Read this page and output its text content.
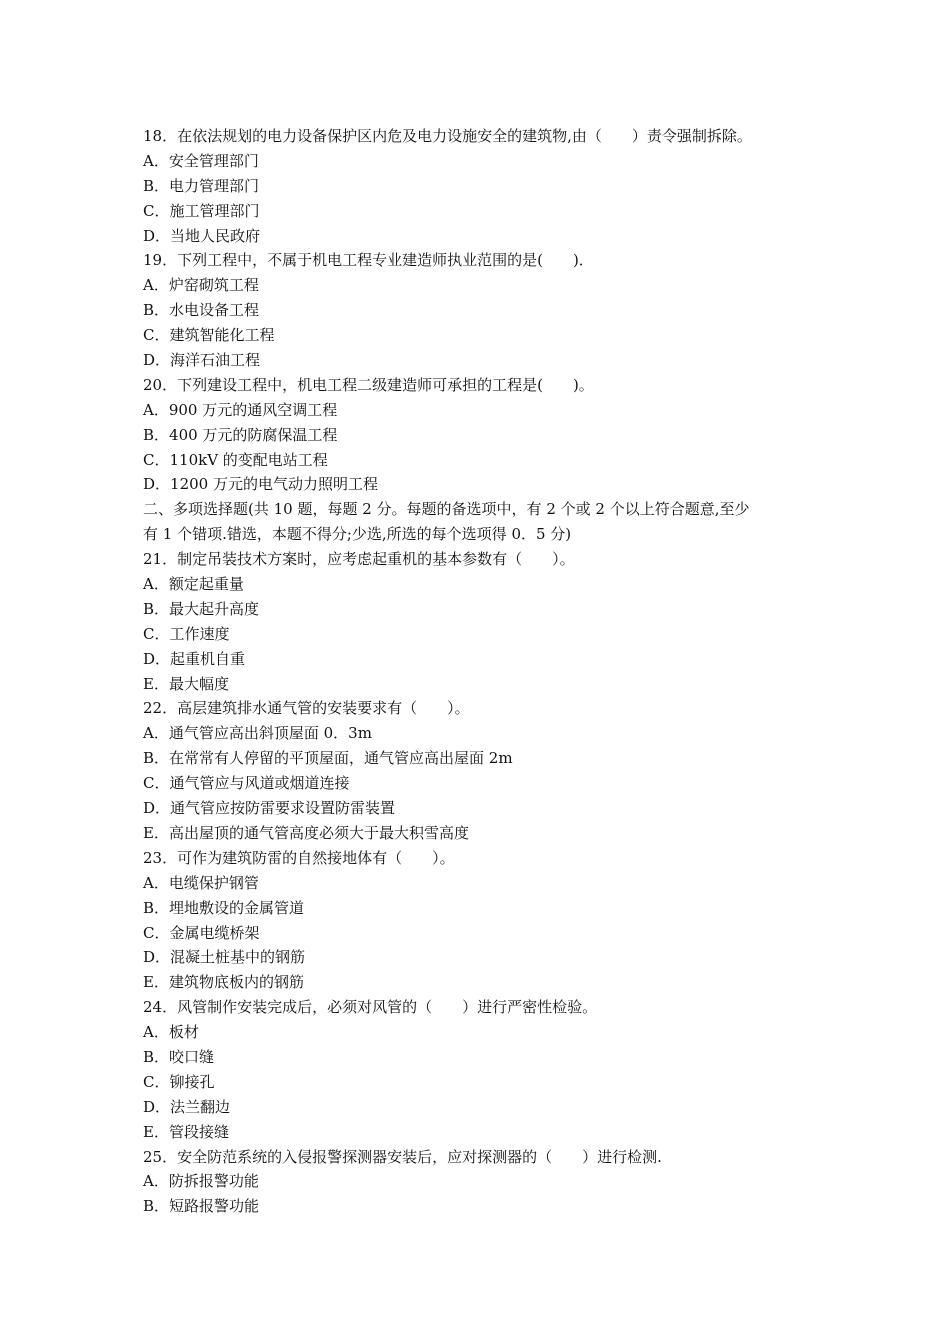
18．在依法规划的电力设备保护区内危及电力设施安全的建筑物,由（　　）责令强制拆除。
A．安全管理部门
B．电力管理部门
C．施工管理部门
D．当地人民政府
19．下列工程中，不属于机电工程专业建造师执业范围的是(　　)．
A．炉窑砌筑工程
B．水电设备工程
C．建筑智能化工程
D．海洋石油工程
20．下列建设工程中，机电工程二级建造师可承担的工程是(　　)。
A．900 万元的通风空调工程
B．400 万元的防腐保温工程
C．110kV 的变配电站工程
D．1200 万元的电气动力照明工程
二、多项选择题(共 10 题，每题 2 分。每题的备选项中，有 2 个或 2 个以上符合题意,至少
有 1 个错项.错选，本题不得分;少选,所选的每个选项得 0．5 分)
21．制定吊装技术方案时，应考虑起重机的基本参数有（　　）。
A．额定起重量
B．最大起升高度
C．工作速度
D．起重机自重
E．最大幅度
22．高层建筑排水通气管的安装要求有（　　）。
A．通气管应高出斜顶屋面 0．3m
B．在常常有人停留的平顶屋面，通气管应高出屋面 2m
C．通气管应与风道或烟道连接
D．通气管应按防雷要求设置防雷装置
E．高出屋顶的通气管高度必须大于最大积雪高度
23．可作为建筑防雷的自然接地体有（　　）。
A．电缆保护钢管
B．埋地敷设的金属管道
C．金属电缆桥架
D．混凝土桩基中的钢筋
E．建筑物底板内的钢筋
24．风管制作安装完成后，必须对风管的（　　）进行严密性检验。
A．板材
B．咬口缝
C．铆接孔
D．法兰翻边
E．管段接缝
25．安全防范系统的入侵报警探测器安装后，应对探测器的（　　）进行检测.
A．防拆报警功能
B．短路报警功能
